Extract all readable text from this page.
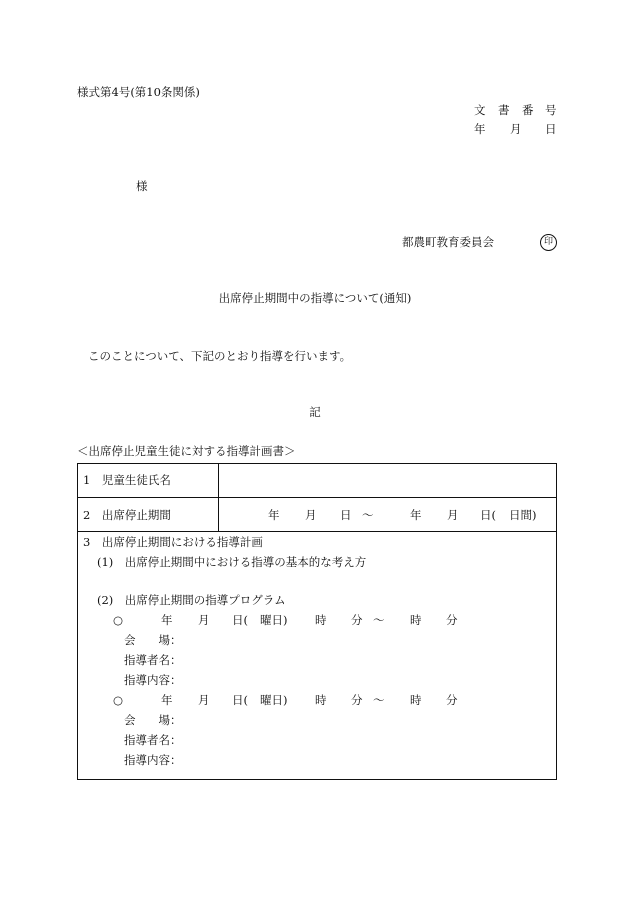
様式第4号(第10条関係)
文 書 番 号
年 月 日
様
都農町教育委員会	印
出席停止期間中の指導について(通知)
このことについて、下記のとおり指導を行います。
記
＜出席停止児童生徒に対する指導計画書＞
1　児童生徒氏名
2　出席停止期間	年 月 日 ～	年 月 日( 日間)
3　出席停止期間における指導計画
(1)　出席停止期間中における指導の基本的な考え方
(2)　出席停止期間の指導プログラム
○	年 月 日( 曜日) 時 分 ～ 時 分
会　　場：
指導者名：
指導内容：
○	年 月 日( 曜日) 時 分 ～ 時 分
会　　場：
指導者名：
指導内容：
